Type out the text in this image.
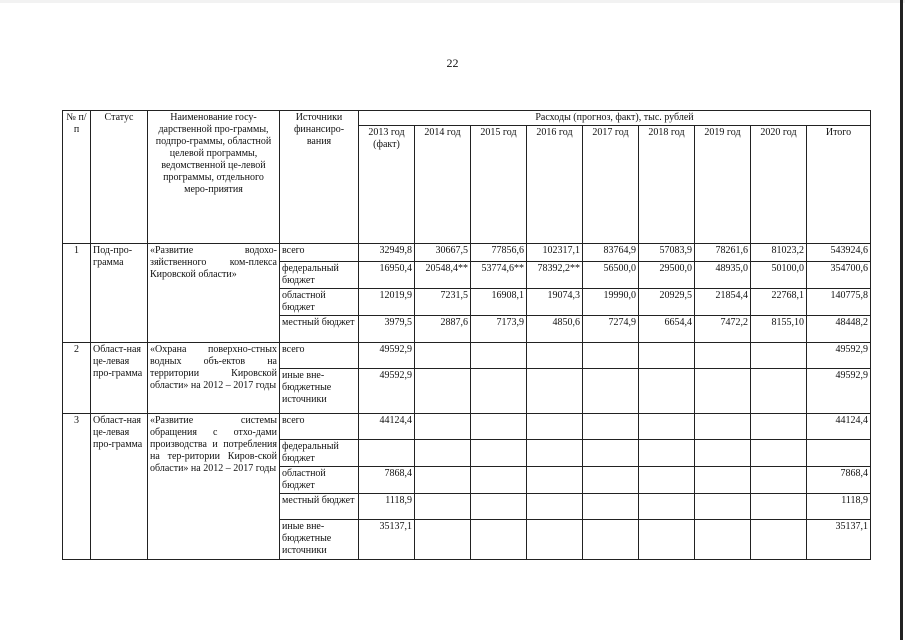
22
№ п/п	Статус	Наименование госу-дарственной про-граммы, подпро-граммы, областной целевой программы, ведомственной це-левой программы, отдельного меро-приятия	Источники финансиро-вания	Расходы (прогноз, факт), тыс. рублей								
				2013 год (факт)	2014 год	2015 год	2016 год	2017 год	2018 год	2019 год	2020 год	Итого
1	Под-про-грамма	«Развитие водохо-зяйственного ком-плекса Кировской области»	всего	32949,8	30667,5	77856,6	102317,1	83764,9	57083,9	78261,6	81023,2	543924,6
			федеральный бюджет	16950,4	20548,4**	53774,6**	78392,2**	56500,0	29500,0	48935,0	50100,0	354700,6
			областной бюджет	12019,9	7231,5	16908,1	19074,3	19990,0	20929,5	21854,4	22768,1	140775,8
			местный бюджет	3979,5	2887,6	7173,9	4850,6	7274,9	6654,4	7472,2	8155,10	48448,2
2	Област-ная це-левая про-грамма	«Охрана поверхно-стных водных объ-ектов на территории Кировской области» на 2012 – 2017 годы	всего	49592,9								49592,9
			иные вне-бюджетные источники	49592,9								49592,9
3	Област-ная це-левая про-грамма	«Развитие системы обращения с отхо-дами производства и потребления на тер-ритории Киров-ской области» на 2012 – 2017 годы	всего	44124,4								44124,4
			федеральный бюджет									
			областной бюджет	7868,4								7868,4
			местный бюджет	1118,9								1118,9
			иные вне-бюджетные источники	35137,1								35137,1
